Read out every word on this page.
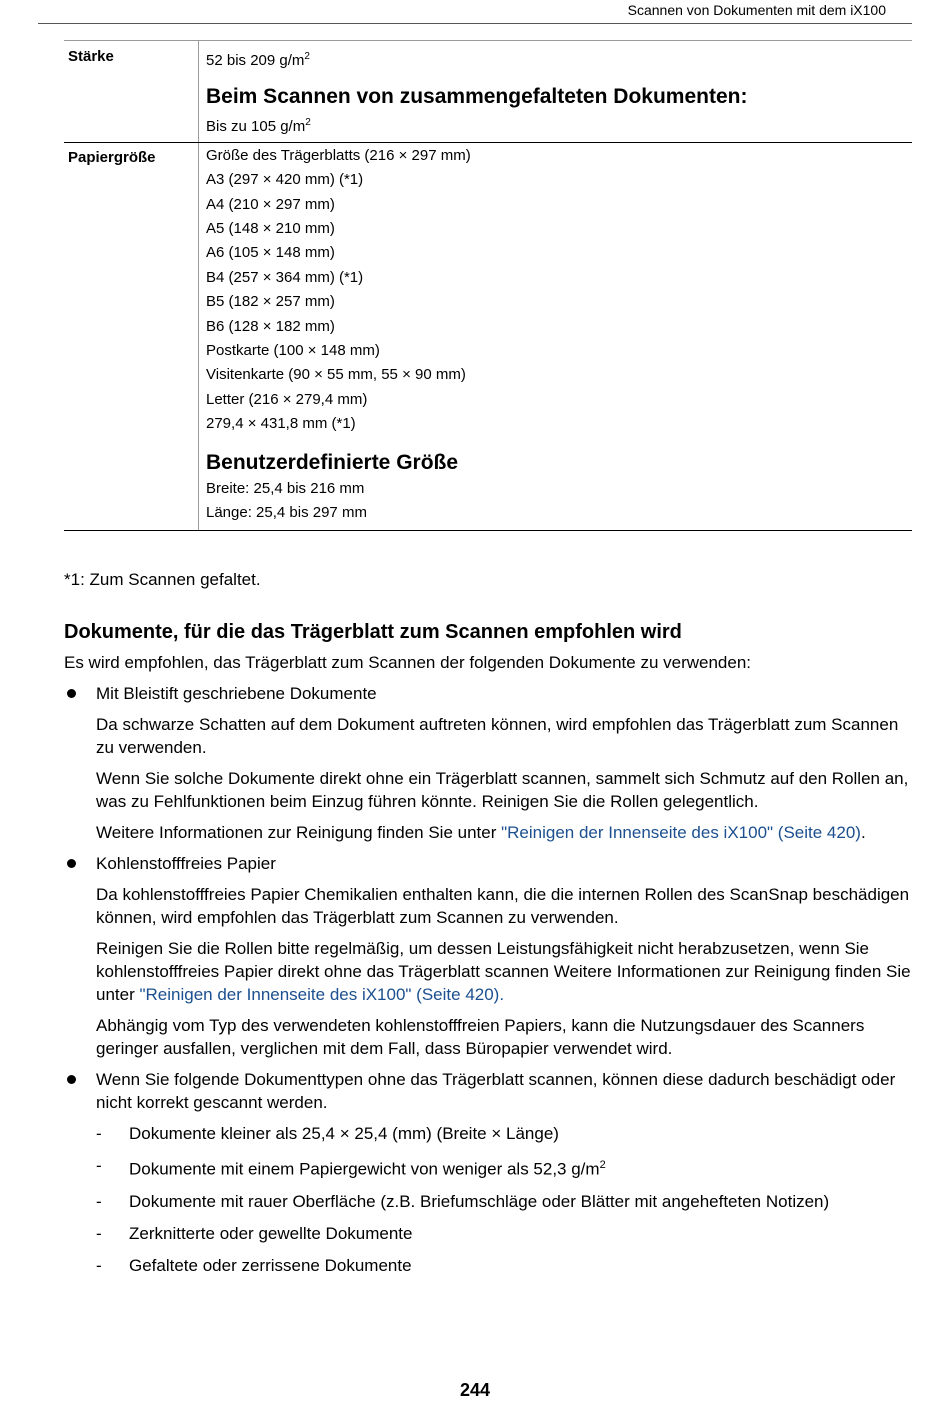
Scannen von Dokumenten mit dem iX100
Stärke	52 bis 209 $g/m^2$
Beim Scannen von zusammengefalteten Dokumenten:
Bis zu 105 $g/m^2$
Papiergröße	Größe des Trägerblatts (216 × 297 mm)
A3 (297 × 420 mm) (*1)
A4 (210 × 297 mm)
A5 (148 × 210 mm)
A6 (105 × 148 mm)
B4 (257 × 364 mm) (*1)
B5 (182 × 257 mm)
B6 (128 × 182 mm)
Postkarte (100 × 148 mm)
Visitenkarte (90 × 55 mm, 55 × 90 mm)
Letter (216 × 279,4 mm)
279,4 × 431,8 mm (*1)
Benutzerdefinierte Größe
Breite: 25,4 bis 216 mm
Länge: 25,4 bis 297 mm
*1: Zum Scannen gefaltet.
Dokumente, für die das Trägerblatt zum Scannen empfohlen wird

Es wird empfohlen, das Trägerblatt zum Scannen der folgenden Dokumente zu verwenden:

Mit Bleistift geschriebene Dokumente

Da schwarze Schatten auf dem Dokument auftreten können, wird empfohlen das Trägerblatt zum Scannen zu verwenden.

Wenn Sie solche Dokumente direkt ohne ein Trägerblatt scannen, sammelt sich Schmutz auf den Rollen an, was zu Fehlfunktionen beim Einzug führen könnte. Reinigen Sie die Rollen gelegentlich.

Weitere Informationen zur Reinigung finden Sie unter "Reinigen der Innenseite des iX100" (Seite 420).

Kohlenstofffreies Papier

Da kohlenstofffreies Papier Chemikalien enthalten kann, die die internen Rollen des ScanSnap beschädigen können, wird empfohlen das Trägerblatt zum Scannen zu verwenden.

Reinigen Sie die Rollen bitte regelmäßig, um dessen Leistungsfähigkeit nicht herabzusetzen, wenn Sie kohlenstofffreies Papier direkt ohne das Trägerblatt scannen Weitere Informationen zur Reinigung finden Sie unter "Reinigen der Innenseite des iX100" (Seite 420).

Abhängig vom Typ des verwendeten kohlenstofffreien Papiers, kann die Nutzungsdauer des Scanners geringer ausfallen, verglichen mit dem Fall, dass Büropapier verwendet wird.

Wenn Sie folgende Dokumenttypen ohne das Trägerblatt scannen, können diese dadurch beschädigt oder nicht korrekt gescannt werden.

- Dokumente kleiner als 25,4 × 25,4 (mm) (Breite × Länge)
- Dokumente mit einem Papiergewicht von weniger als 52,3 $g/m^2$
- Dokumente mit rauer Oberfläche (z.B. Briefumschläge oder Blätter mit angehefteten Notizen)
- Zerknitterte oder gewellte Dokumente
- Gefaltete oder zerrissene Dokumente
244
